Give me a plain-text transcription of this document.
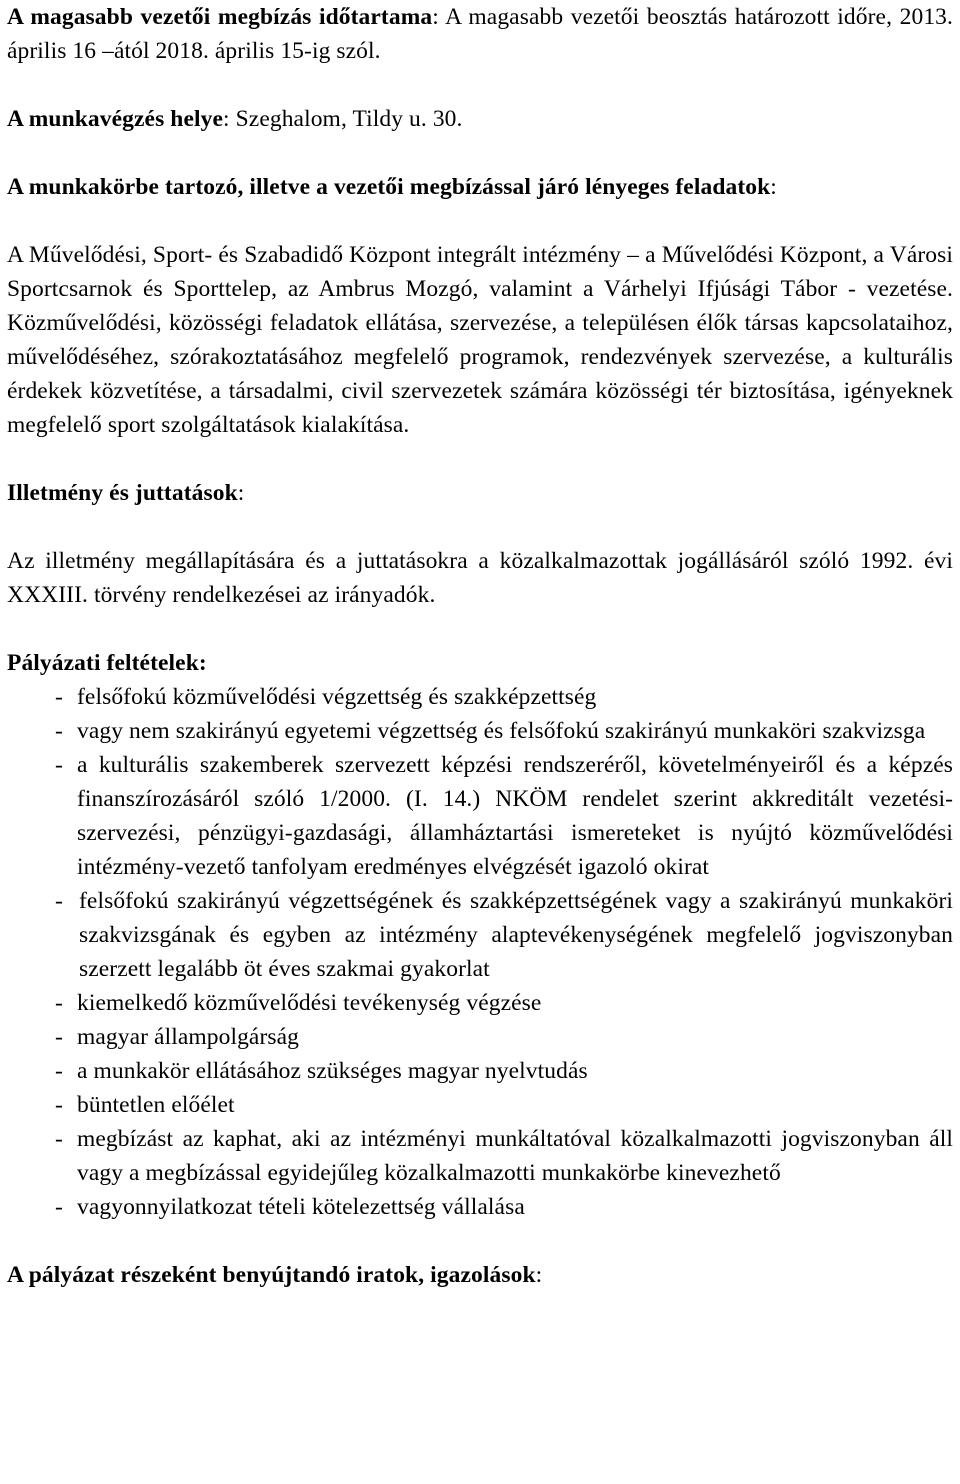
A magasabb vezetői megbízás időtartama: A magasabb vezetői beosztás határozott időre, 2013. április 16 –ától 2018. április 15-ig szól.

A munkavégzés helye: Szeghalom, Tildy u. 30.

A munkakörbe tartozó, illetve a vezetői megbízással járó lényeges feladatok:

A Művelődési, Sport- és Szabadidő Központ integrált intézmény – a Művelődési Központ, a Városi Sportcsarnok és Sporttelep, az Ambrus Mozgó, valamint a Várhelyi Ifjúsági Tábor - vezetése. Közművelődési, közösségi feladatok ellátása, szervezése, a településen élők társas kapcsolataihoz, művelődéséhez, szórakoztatásához megfelelő programok, rendezvények szervezése, a kulturális érdekek közvetítése, a társadalmi, civil szervezetek számára közösségi tér biztosítása, igényeknek megfelelő sport szolgáltatások kialakítása.

Illetmény és juttatások:

Az illetmény megállapítására és a juttatásokra a közalkalmazottak jogállásáról szóló 1992. évi XXXIII. törvény rendelkezései az irányadók.

Pályázati feltételek:

- felsőfokú közművelődési végzettség és szakképzettség
- vagy nem szakirányú egyetemi végzettség és felsőfokú szakirányú munkaköri szakvizsga
- a kulturális szakemberek szervezett képzési rendszeréről, követelményeiről és a képzés finanszírozásáról szóló 1/2000. (I. 14.) NKÖM rendelet szerint akkreditált vezetési-szervezési, pénzügyi-gazdasági, államháztartási ismereteket is nyújtó közművelődési intézmény-vezető tanfolyam eredményes elvégzését igazoló okirat
- felsőfokú szakirányú végzettségének és szakképzettségének vagy a szakirányú munkaköri szakvizsgának és egyben az intézmény alaptevékenységének megfelelő jogviszonyban szerzett legalább öt éves szakmai gyakorlat
- kiemelkedő közművelődési tevékenység végzése
- magyar állampolgárság
- a munkakör ellátásához szükséges magyar nyelvtudás
- büntetlen előélet
- megbízást az kaphat, aki az intézményi munkáltatóval közalkalmazotti jogviszonyban áll vagy a megbízással egyidejűleg közalkalmazotti munkakörbe kinevezhető
- vagyonnyilatkozat tételi kötelezettség vállalása

A pályázat részeként benyújtandó iratok, igazolások:
